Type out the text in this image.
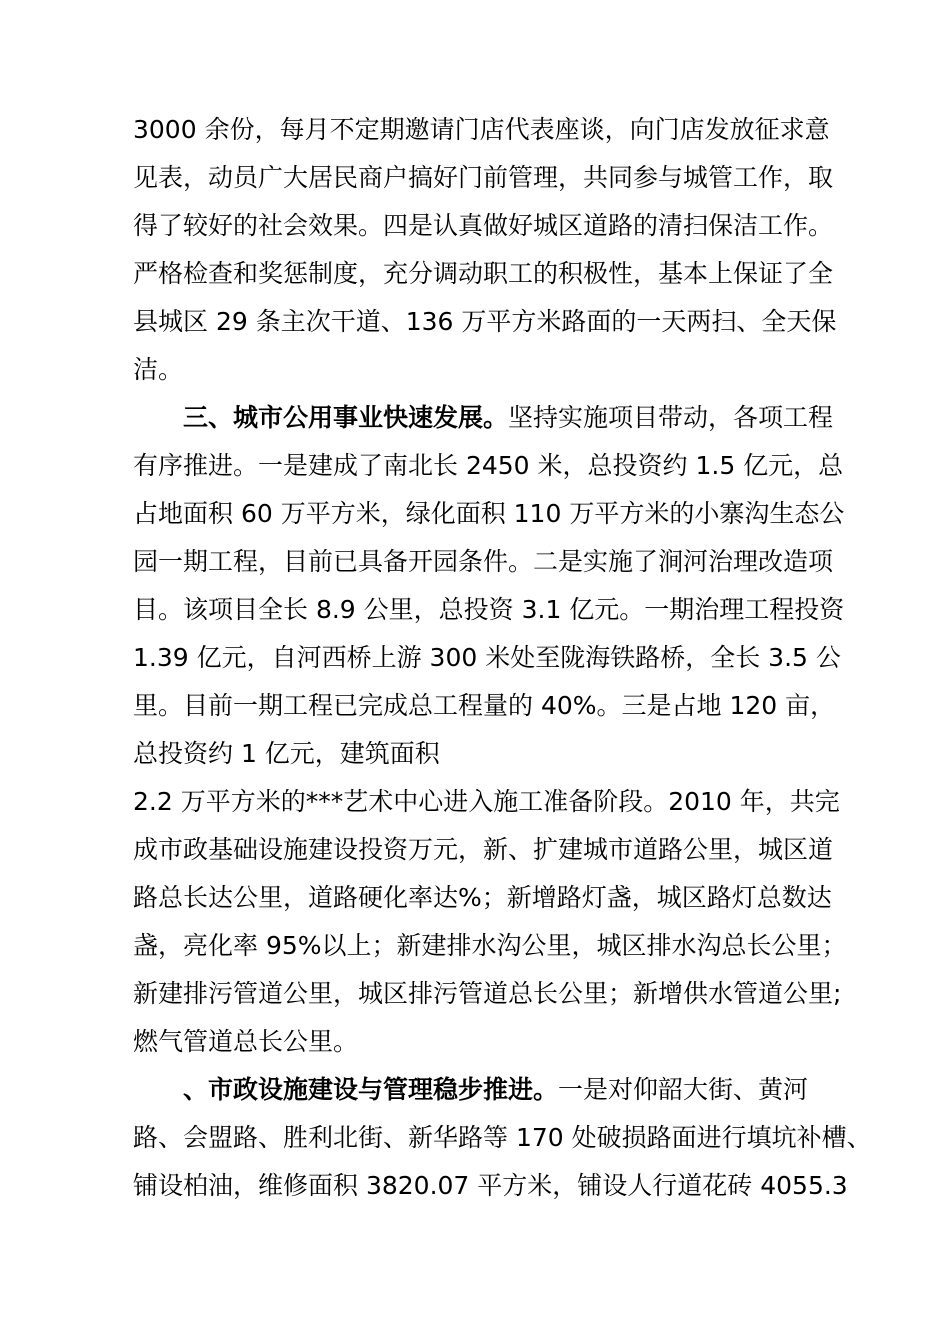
3000 余份，每月不定期邀请门店代表座谈，向门店发放征求意

见表，动员广大居民商户搞好门前管理，共同参与城管工作，取

得了较好的社会效果。四是认真做好城区道路的清扫保洁工作。

严格检查和奖惩制度，充分调动职工的积极性，基本上保证了全

县城区 29 条主次干道、136 万平方米路面的一天两扫、全天保

洁。

三、城市公用事业快速发展。坚持实施项目带动，各项工程

有序推进。一是建成了南北长 2450 米，总投资约 1.5 亿元，总

占地面积 60 万平方米，绿化面积 110 万平方米的小寨沟生态公

园一期工程，目前已具备开园条件。二是实施了涧河治理改造项

目。该项目全长 8.9 公里，总投资 3.1 亿元。一期治理工程投资

1.39 亿元，自河西桥上游 300 米处至陇海铁路桥，全长 3.5 公

里。目前一期工程已完成总工程量的 40%。三是占地 120 亩，

总投资约 1 亿元，建筑面积

2.2 万平方米的***艺术中心进入施工准备阶段。2010 年，共完

成市政基础设施建设投资万元，新、扩建城市道路公里，城区道

路总长达公里，道路硬化率达%；新增路灯盏，城区路灯总数达

盏，亮化率 95%以上；新建排水沟公里，城区排水沟总长公里；

新建排污管道公里，城区排污管道总长公里；新增供水管道公里;

燃气管道总长公里。

、市政设施建设与管理稳步推进。一是对仰韶大街、黄河

路、会盟路、胜利北街、新华路等 170 处破损路面进行填坑补槽、

铺设柏油，维修面积 3820.07 平方米，铺设人行道花砖 4055.3
